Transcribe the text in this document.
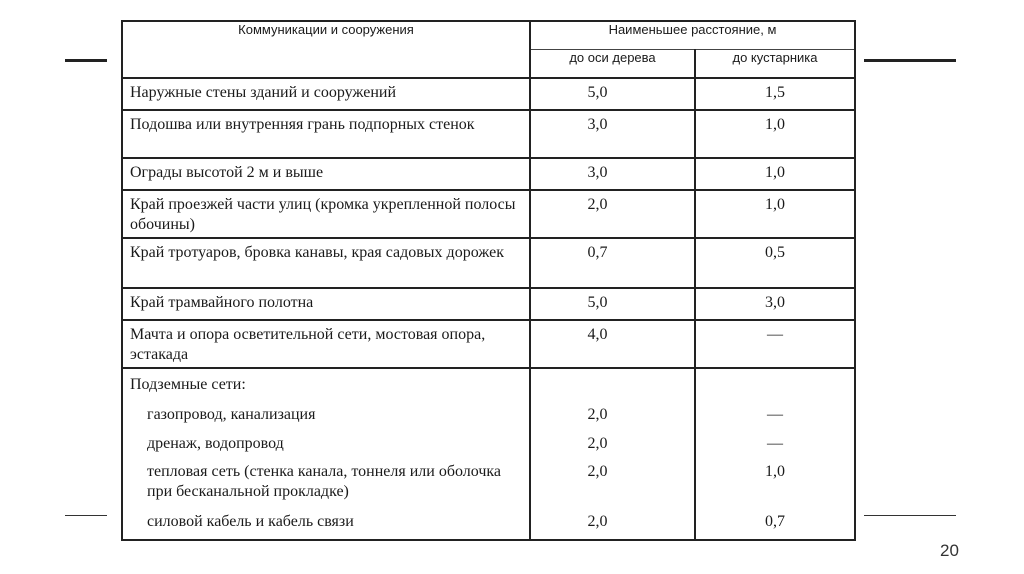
Коммуникации и сооружения	Наименьшее расстояние, м	
	до оси дерева	до кустарника
Наружные стены зданий и сооружений	5,0	1,5
Подошва или внутренняя грань подпорных стенок	3,0	1,0
Ограды высотой 2 м и выше	3,0	1,0
Край проезжей части улиц (кромка укрепленной полосы обочины)	2,0	1,0
Край тротуаров, бровка канавы, края садовых дорожек	0,7	0,5
Край трамвайного полотна	5,0	3,0
Мачта и опора осветительной сети, мостовая опора, эстакада	4,0	—
Подземные сети:		
газопровод, канализация	2,0	—
дренаж, водопровод	2,0	—
тепловая сеть (стенка канала, тоннеля или оболочка при бесканальной прокладке)	2,0	1,0
силовой кабель и кабель связи	2,0	0,7
20
